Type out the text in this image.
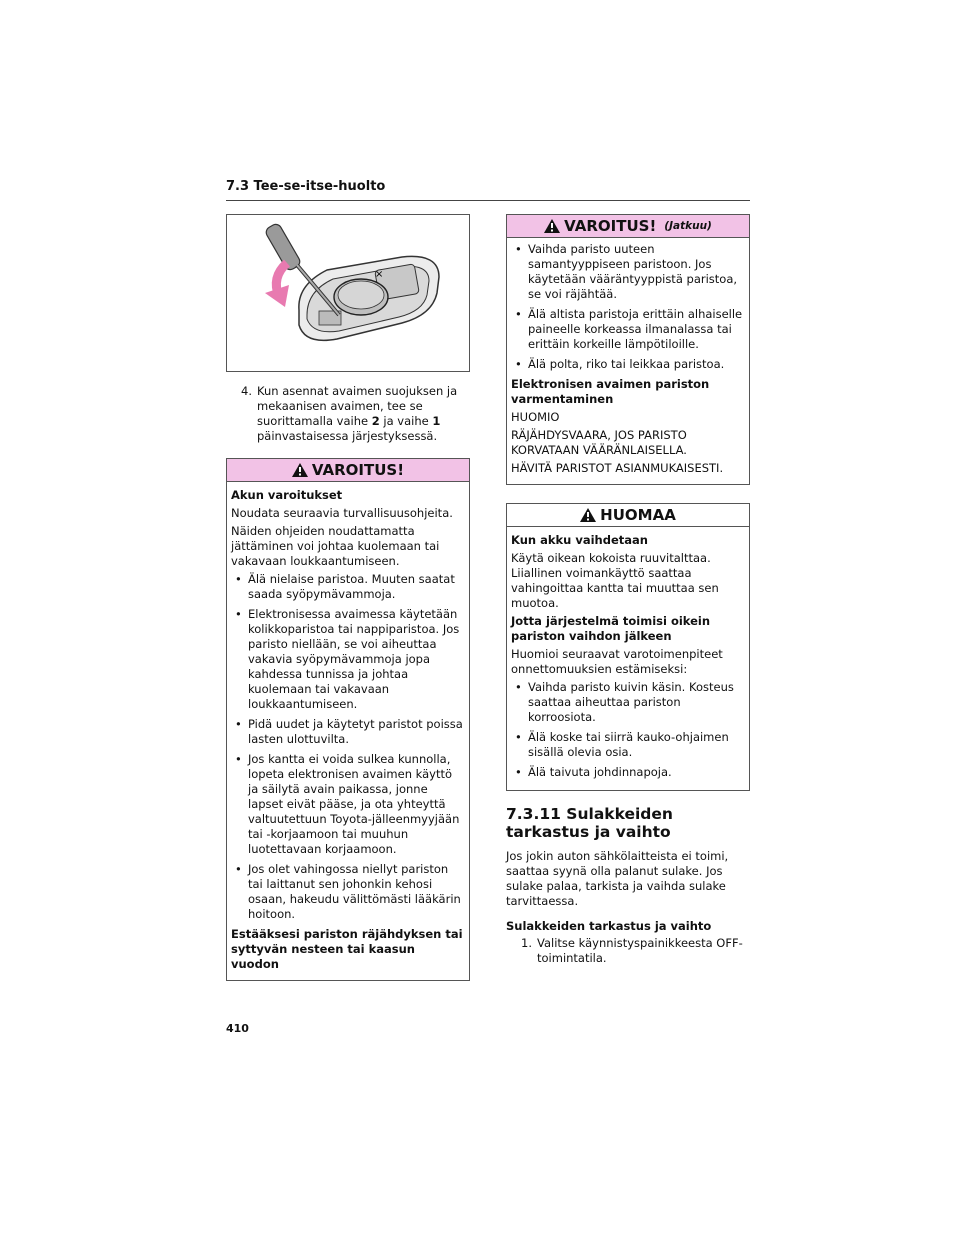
7.3 Tee-se-itse-huolto
×
4. Kun asennat avaimen suojuksen ja mekaanisen avaimen, tee se suorittamalla vaihe 2 ja vaihe 1 päinvastaisessa järjestyksessä.
VAROITUS!

Akun varoitukset

Noudata seuraavia turvallisuusohjeita.

Näiden ohjeiden noudattamatta jättäminen voi johtaa kuolemaan tai vakavaan loukkaantumiseen.

• Älä nielaise paristoa. Muuten saatat saada syöpymävammoja.
• Elektronisessa avaimessa käytetään kolikkoparistoa tai nappiparistoa. Jos paristo niellään, se voi aiheuttaa vakavia syöpymävammoja jopa kahdessa tunnissa ja johtaa kuolemaan tai vakavaan loukkaantumiseen.
• Pidä uudet ja käytetyt paristot poissa lasten ulottuvilta.
• Jos kantta ei voida sulkea kunnolla, lopeta elektronisen avaimen käyttö ja säilytä avain paikassa, jonne lapset eivät pääse, ja ota yhteyttä valtuutettuun Toyota-jälleenmyyjään tai -korjaamoon tai muuhun luotettavaan korjaamoon.
• Jos olet vahingossa niellyt pariston tai laittanut sen johonkin kehosi osaan, hakeudu välittömästi lääkärin hoitoon.

Estääksesi pariston räjähdyksen tai syttyvän nesteen tai kaasun vuodon

VAROITUS! (Jatkuu)
• Vaihda paristo uuteen samantyyppiseen paristoon. Jos käytetään vääräntyyppistä paristoa, se voi räjähtää.
• Älä altista paristoja erittäin alhaiselle paineelle korkeassa ilmanalassa tai erittäin korkeille lämpötiloille.
• Älä polta, riko tai leikkaa paristoa.

Elektronisen avaimen pariston varmentaminen

HUOMIO

RÄJÄHDYSVAARA, JOS PARISTO KORVATAAN VÄÄRÄNLAISELLA.

HÄVITÄ PARISTOT ASIANMUKAISESTI.

HUOMAA

Kun akku vaihdetaan

Käytä oikean kokoista ruuvitalttaa. Liiallinen voimankäyttö saattaa vahingoittaa kantta tai muuttaa sen muotoa.

Jotta järjestelmä toimisi oikein pariston vaihdon jälkeen

Huomioi seuraavat varotoimenpiteet onnettomuuksien estämiseksi:

• Vaihda paristo kuivin käsin. Kosteus saattaa aiheuttaa pariston korroosiota.
• Älä koske tai siirrä kauko-ohjaimen sisällä olevia osia.
• Älä taivuta johdinnapoja.
7.3.11 Sulakkeiden tarkastus ja vaihto
Jos jokin auton sähkölaitteista ei toimi, saattaa syynä olla palanut sulake. Jos sulake palaa, tarkista ja vaihda sulake tarvittaessa.
Sulakkeiden tarkastus ja vaihto
1. Valitse käynnistyspainikkeesta OFF-toimintatila.
410
